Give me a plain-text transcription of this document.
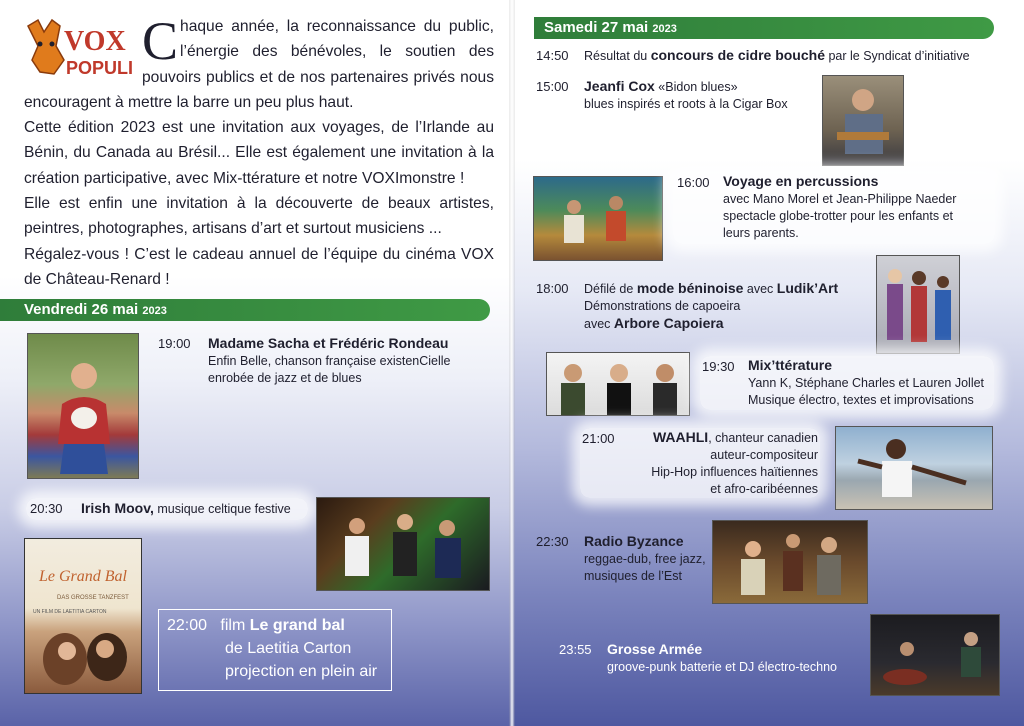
VOX
POPULI C haque année, la reconnaissance du public, l’énergie des bénévoles, le soutien des pouvoirs publics et de nos partenaires privés nous encouragent à mettre la barre un peu plus haut.
Cette édition 2023 est une invitation aux voyages, de l’Irlande au Bénin, du Canada au Brésil... Elle est également une invitation à la création participative, avec Mix-ttérature et notre VOXImonstre !
Elle est enfin une invitation à la découverte de beaux artistes, peintres, photographes, artisans d’art et surtout musiciens ...
Régalez-vous ! C’est le cadeau annuel de l’équipe du cinéma VOX de Château-Renard !
Vendredi 26 mai 2023
19:00 Madame Sacha et Frédéric Rondeau
Enfin Belle, chanson française existenCielle
enrobée de jazz et de blues
20:30 Irish Moov, musique celtique festive
Le Grand Bal
DAS GROSSE TANZFEST
UN FILM DE LAETITIA CARTON
22:00 film Le grand bal
de Laetitia Carton
projection en plein air
Samedi 27 mai 2023
14:50 Résultat du concours de cidre bouché par le Syndicat d’initiative
15:00 Jeanfi Cox «Bidon blues»
blues inspirés et roots à la Cigar Box
16:00 Voyage en percussions
avec Mano Morel et Jean-Philippe Naeder
spectacle globe-trotter pour les enfants et
leurs parents.
18:00 Défilé de mode béninoise avec Ludik’Art
Démonstrations de capoeira
avec Arbore Capoiera
19:30 Mix’ttérature
Yann K, Stéphane Charles et Lauren Jollet
Musique électro, textes et improvisations
21:00	WAAHLI, chanteur canadien
auteur-compositeur
Hip-Hop influences haïtiennes
et afro-caribéennes
22:30 Radio Byzance
reggae-dub, free jazz,
musiques de l’Est
23:55 Grosse Armée
groove-punk batterie et DJ électro-techno
